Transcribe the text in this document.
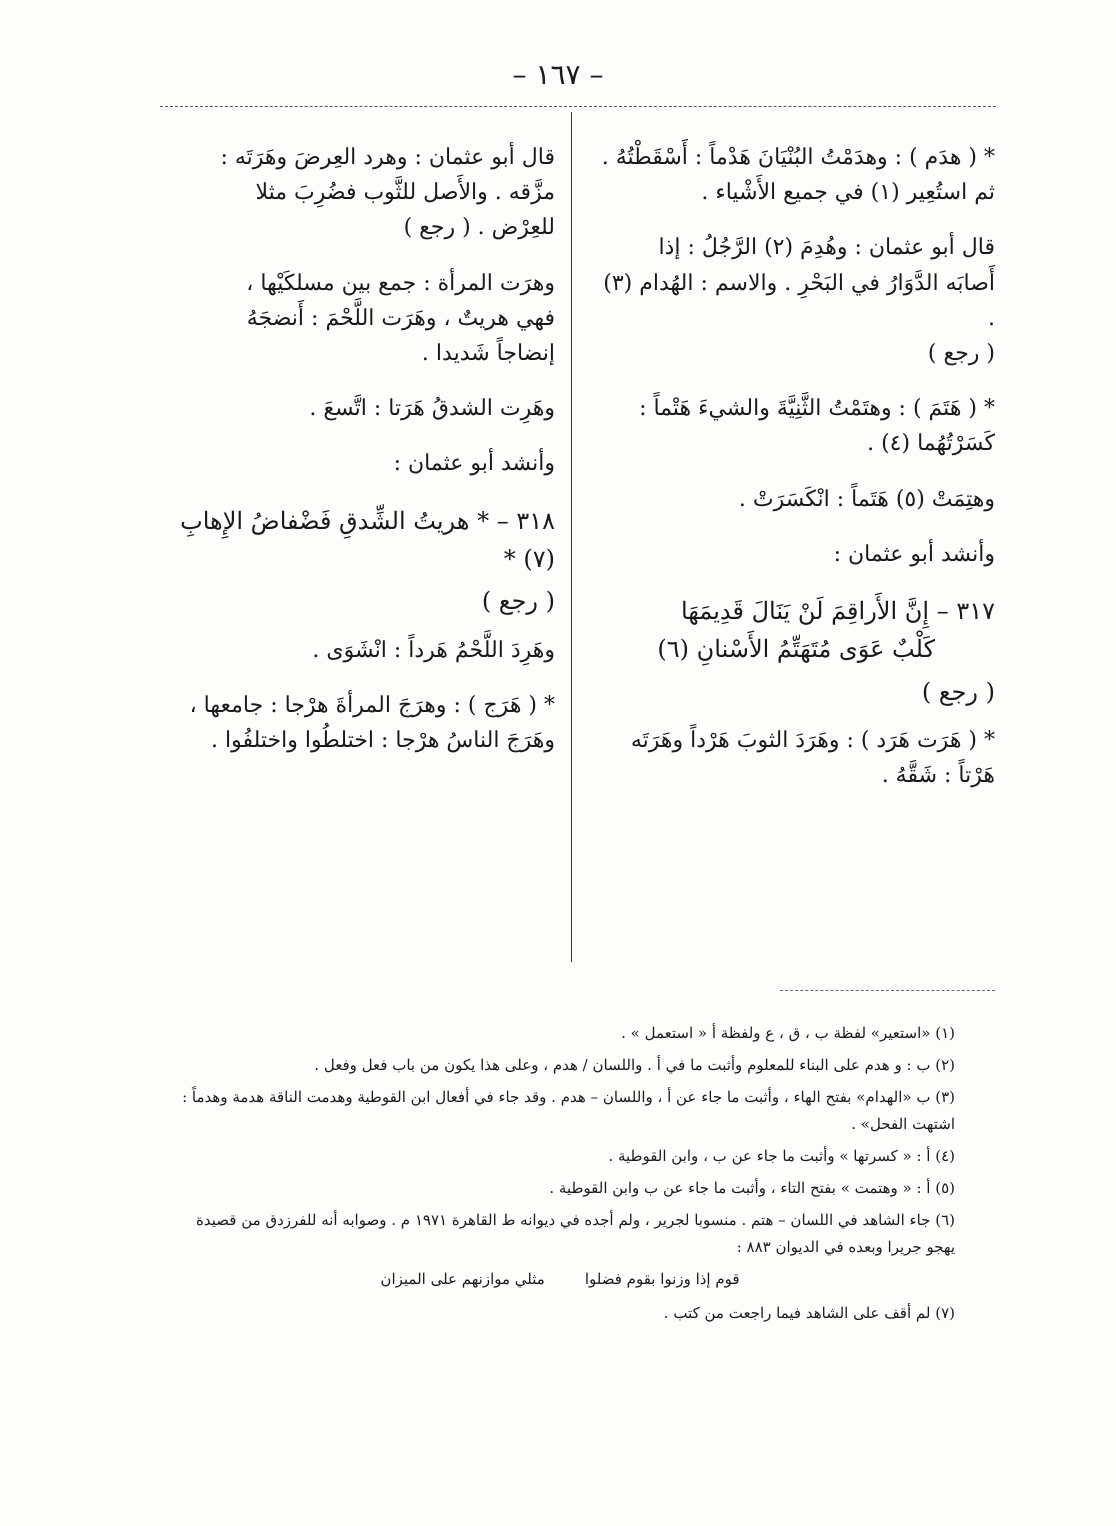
– ١٦٧ –

* ( هدَم ) : وهدَمْتُ البُنْيَانَ هَدْماً : أَسْقَطْتُهُ .

ثم استُعِير (١) في جميع الأَشْياء .

قال أبو عثمان : وهُدِمَ (٢) الرَّجُلُ : إذا

أَصابَه الدَّوَارُ في البَحْرِ . والاسم : الهُدام (٣) .

( رجع )

* ( هَتَمَ ) : وهتَمْتُ الثَّنِيَّةَ والشيءَ هَتْماً :

كَسَرْتُهُما (٤) .

وهتِمَتْ (٥) هَتَماً : انْكَسَرَتْ .

وأنشد أبو عثمان :

٣١٧ – إِنَّ الأَراقِمَ لَنْ يَنَالَ قَدِيمَهَا
كَلْبٌ عَوَى مُتَهَتِّمُ الأَسْنانِ (٦)
( رجع )

* ( هَرَت هَرَد ) : وهَرَدَ الثوبَ هَرْداً وهَرَتَه

هَرْتاً : شَقَّهُ .

قال أبو عثمان : وهرد العِرضَ وهَرَتَه :

مزَّقه . والأَصل للثَّوب فضُرِبَ مثلا

للعِرْض . ( رجع )

وهرَت المرأة : جمع بين مسلكَيْها ،

فهي هريتٌ ، وهَرَت اللَّحْمَ : أَنضجَهُ

إنضاجاً شَديدا .

وهَرِت الشدقُ هَرَتا : اتَّسعَ .

وأنشد أبو عثمان :

٣١٨ – * هريتُ الشِّدقِ فَضْفاضُ الإِهابِ (٧) *
( رجع )

وهَرِدَ اللَّحْمُ هَرداً : انْشَوَى .

* ( هَرَج ) : وهرَجَ المرأةَ هرْجا : جامعها ،

وهَرَجَ الناسُ هرْجا : اختلطُوا واختلفُوا .

(١) «استعير» لفظة ب ، ق ، ع ولفظة أ « استعمل » .

(٢) ب : و هدم على البناء للمعلوم وأثبت ما في أ . واللسان / هدم ، وعلى هذا يكون من باب فعل وفعل .

(٣) ب «الهدام» بفتح الهاء ، وأثبت ما جاء عن أ ، واللسان – هدم . وقد جاء في أفعال ابن القوطية وهدمت الناقة هدمة وهدماً : اشتهت الفحل» .

(٤) أ : « كسرتها » وأثبت ما جاء عن ب ، وابن القوطية .

(٥) أ : « وهتمت » بفتح التاء ، وأثبت ما جاء عن ب وابن القوطية .

(٦) جاء الشاهد في اللسان – هتم . منسوبا لجرير ، ولم أجده في ديوانه ط القاهرة ١٩٧١ م . وصوابه أنه للفرزدق من قصيدة يهجو جريرا وبعده في الديوان ٨٨٣ :

قوم إذا وزنوا بقوم فضلوا
مثلي موازنهم على الميزان

(٧) لم أقف على الشاهد فيما راجعت من كتب .
